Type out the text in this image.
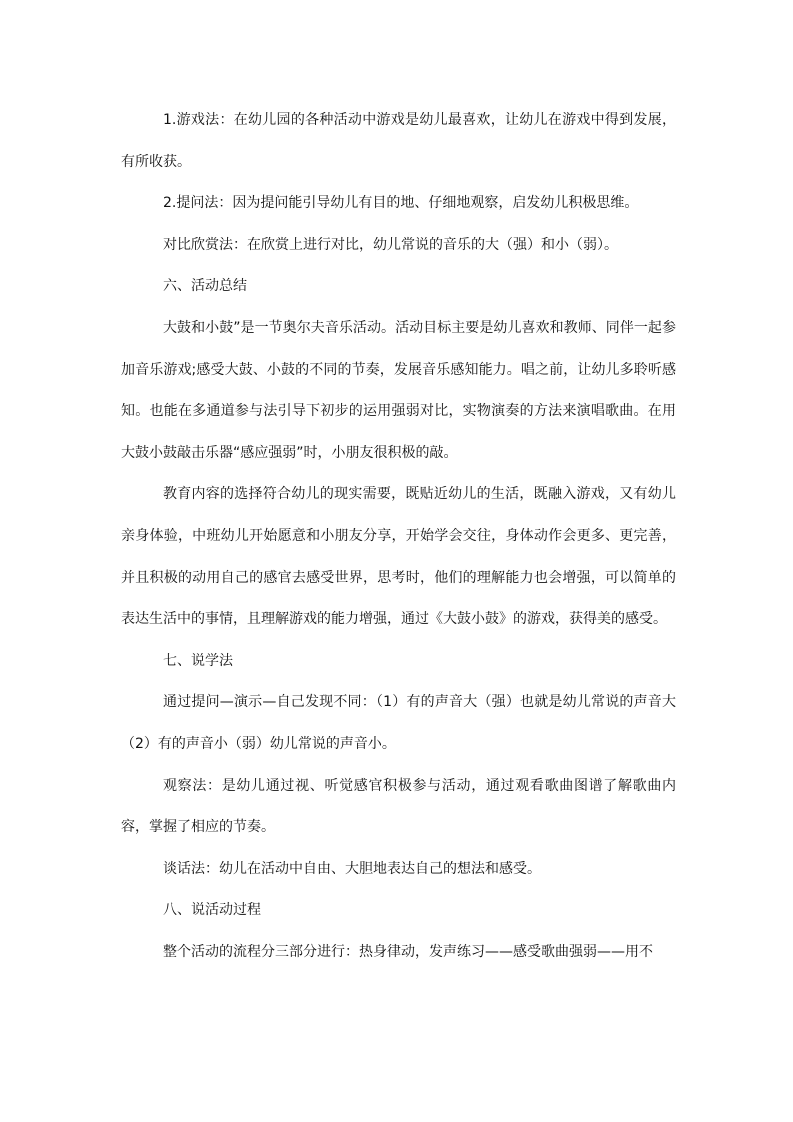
1.游戏法：在幼儿园的各种活动中游戏是幼儿最喜欢，让幼儿在游戏中得到发展，有所收获。

2.提问法：因为提问能引导幼儿有目的地、仔细地观察，启发幼儿积极思维。

对比欣赏法：在欣赏上进行对比，幼儿常说的音乐的大（强）和小（弱）。

六、活动总结

大鼓和小鼓”是一节奥尔夫音乐活动。活动目标主要是幼儿喜欢和教师、同伴一起参加音乐游戏;感受大鼓、小鼓的不同的节奏，发展音乐感知能力。唱之前，让幼儿多聆听感知。也能在多通道参与法引导下初步的运用强弱对比，实物演奏的方法来演唱歌曲。在用大鼓小鼓敲击乐器“感应强弱”时，小朋友很积极的敲。

教育内容的选择符合幼儿的现实需要，既贴近幼儿的生活，既融入游戏，又有幼儿亲身体验，中班幼儿开始愿意和小朋友分享，开始学会交往，身体动作会更多、更完善，并且积极的动用自己的感官去感受世界，思考时，他们的理解能力也会增强，可以简单的表达生活中的事情，且理解游戏的能力增强，通过《大鼓小鼓》的游戏，获得美的感受。

七、说学法

通过提问—演示—自己发现不同：（1）有的声音大（强）也就是幼儿常说的声音大（2）有的声音小（弱）幼儿常说的声音小。

观察法：是幼儿通过视、听觉感官积极参与活动，通过观看歌曲图谱了解歌曲内容，掌握了相应的节奏。

谈话法：幼儿在活动中自由、大胆地表达自己的想法和感受。

八、说活动过程

整个活动的流程分三部分进行：热身律动，发声练习——感受歌曲强弱——用不
